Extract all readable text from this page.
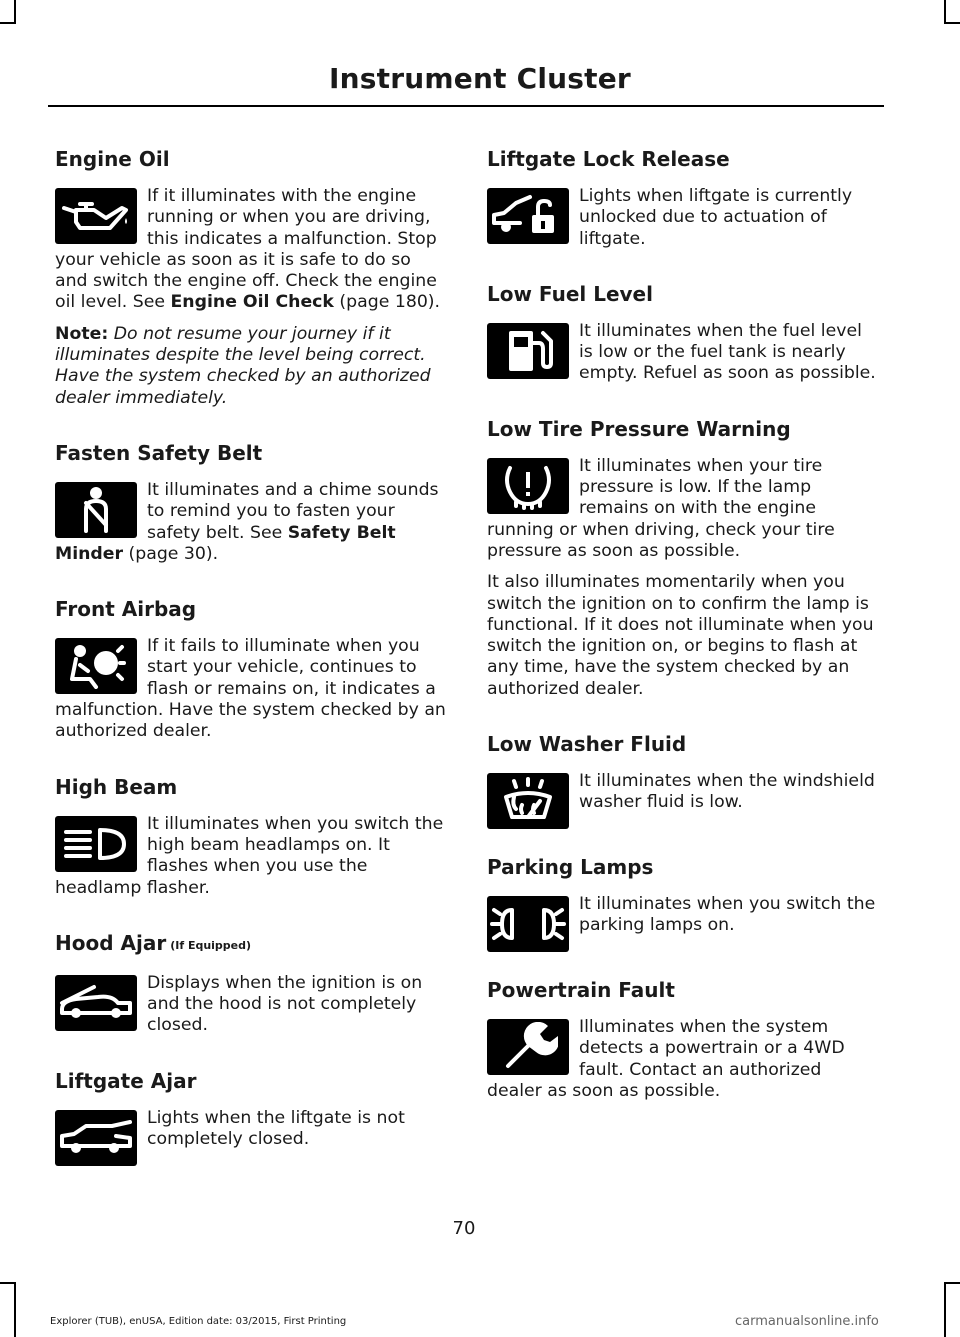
Instrument Cluster
Engine Oil

If it illuminates with the engine running or when you are driving, this indicates a malfunction. Stop your vehicle as soon as it is safe to do so and switch the engine off. Check the engine oil level. See Engine Oil Check (page 180).

Note: Do not resume your journey if it illuminates despite the level being correct. Have the system checked by an authorized dealer immediately.

Fasten Safety Belt

It illuminates and a chime sounds to remind you to fasten your safety belt. See Safety Belt Minder (page 30).

Front Airbag

If it fails to illuminate when you start your vehicle, continues to flash or remains on, it indicates a malfunction. Have the system checked by an authorized dealer.

High Beam

It illuminates when you switch the high beam headlamps on. It flashes when you use the headlamp flasher.

Hood Ajar (If Equipped)

Displays when the ignition is on and the hood is not completely closed.

Liftgate Ajar

Lights when the liftgate is not completely closed.

Liftgate Lock Release

Lights when liftgate is currently unlocked due to actuation of liftgate.

Low Fuel Level

It illuminates when the fuel level is low or the fuel tank is nearly empty. Refuel as soon as possible.

Low Tire Pressure Warning

It illuminates when your tire pressure is low. If the lamp remains on with the engine running or when driving, check your tire pressure as soon as possible.

It also illuminates momentarily when you switch the ignition on to confirm the lamp is functional. If it does not illuminate when you switch the ignition on, or begins to flash at any time, have the system checked by an authorized dealer.

Low Washer Fluid

It illuminates when the windshield washer fluid is low.

Parking Lamps

It illuminates when you switch the parking lamps on.

Powertrain Fault

Illuminates when the system detects a powertrain or a 4WD fault. Contact an authorized dealer as soon as possible.

70
Explorer (TUB), enUSA, Edition date: 03/2015, First Printing	carmanualsonline.info
